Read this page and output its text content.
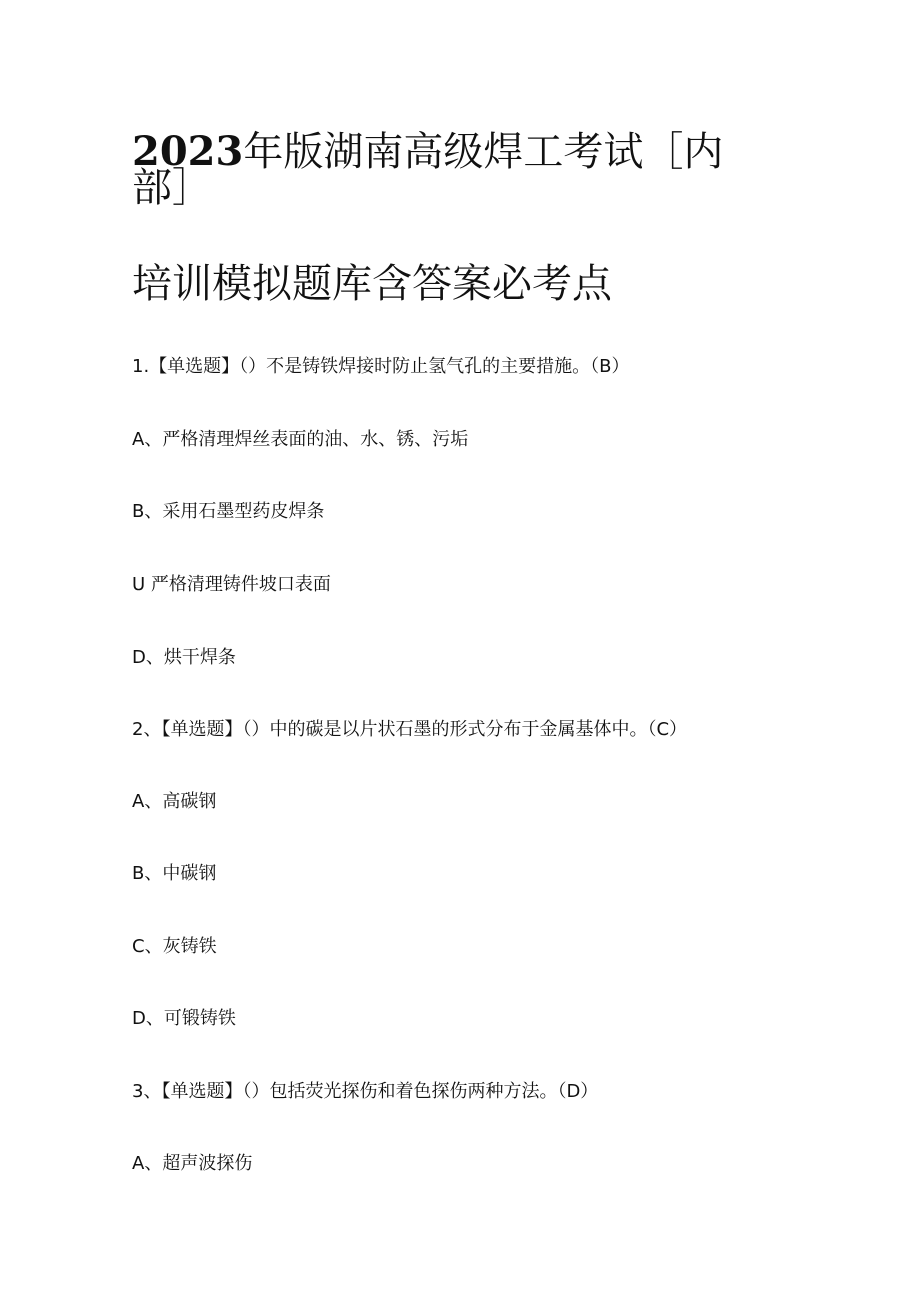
2023年版湖南高级焊工考试［内
部］
培训模拟题库含答案必考点

1.【单选题】（）不是铸铁焊接时防止氢气孔的主要措施。（B）

A、严格清理焊丝表面的油、水、锈、污垢

B、采用石墨型药皮焊条

U 严格清理铸件坡口表面

D、烘干焊条

2、【单选题】（）中的碳是以片状石墨的形式分布于金属基体中。（C）

A、高碳钢

B、中碳钢

C、灰铸铁

D、可锻铸铁

3、【单选题】（）包括荧光探伤和着色探伤两种方法。（D）

A、超声波探伤
